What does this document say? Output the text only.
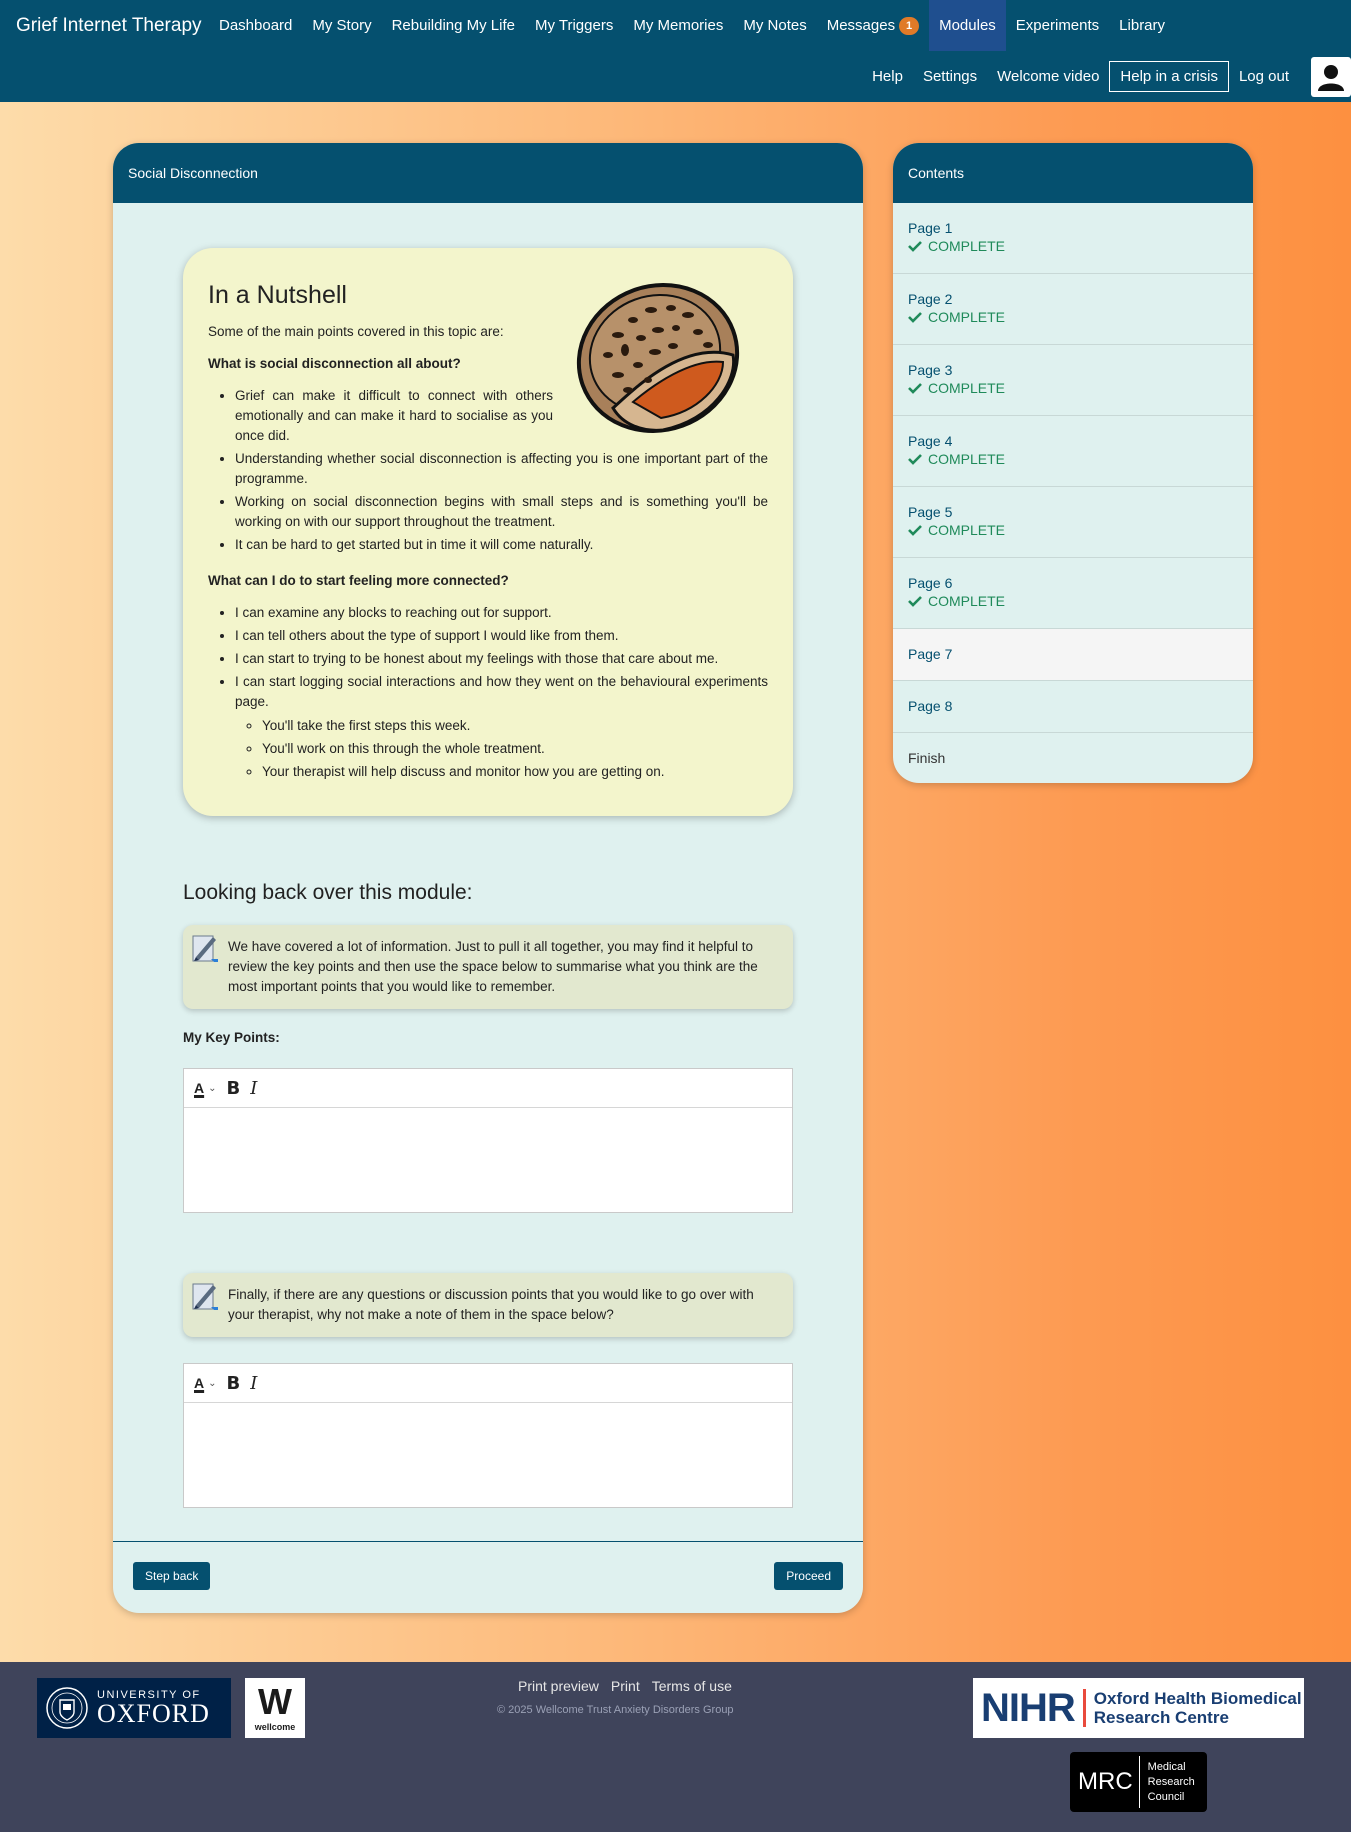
Grief Internet Therapy	Dashboard	My Story	Rebuilding My Life	My Triggers	My Memories	My Notes	Messages 1	Modules	Experiments	Library
Help	Settings	Welcome video	Help in a crisis	Log out
Social Disconnection
In a Nutshell

Some of the main points covered in this topic are:

What is social disconnection all about?
• Grief can make it difficult to connect with others emotionally and can make it hard to socialise as you once did.
• Understanding whether social disconnection is affecting you is one important part of the programme.
• Working on social disconnection begins with small steps and is something you'll be working on with our support throughout the treatment.
• It can be hard to get started but in time it will come naturally.
What can I do to start feeling more connected?
• I can examine any blocks to reaching out for support.
• I can tell others about the type of support I would like from them.
• I can start to trying to be honest about my feelings with those that care about me.
• I can start logging social interactions and how they went on the behavioural experiments page.
◦ You'll take the first steps this week.
◦ You'll work on this through the whole treatment.
◦ Your therapist will help discuss and monitor how you are getting on.
Looking back over this module:
We have covered a lot of information. Just to pull it all together, you may find it helpful to review the key points and then use the space below to summarise what you think are the most important points that you would like to remember.
My Key Points:
A ⌄ B I
Finally, if there are any questions or discussion points that you would like to go over with your therapist, why not make a note of them in the space below?
A ⌄ B I
Step back	Proceed
Contents
Page 1
COMPLETE
Page 2
COMPLETE
Page 3
COMPLETE
Page 4
COMPLETE
Page 5
COMPLETE
Page 6
COMPLETE
Page 7
Page 8
Finish
UNIVERSITY OF
OXFORD	W
wellcome
Print preview Print Terms of use
© 2025 Wellcome Trust Anxiety Disorders Group	NIHR Oxford Health Biomedical
Research Centre
MRC
Medical
Research
Council
